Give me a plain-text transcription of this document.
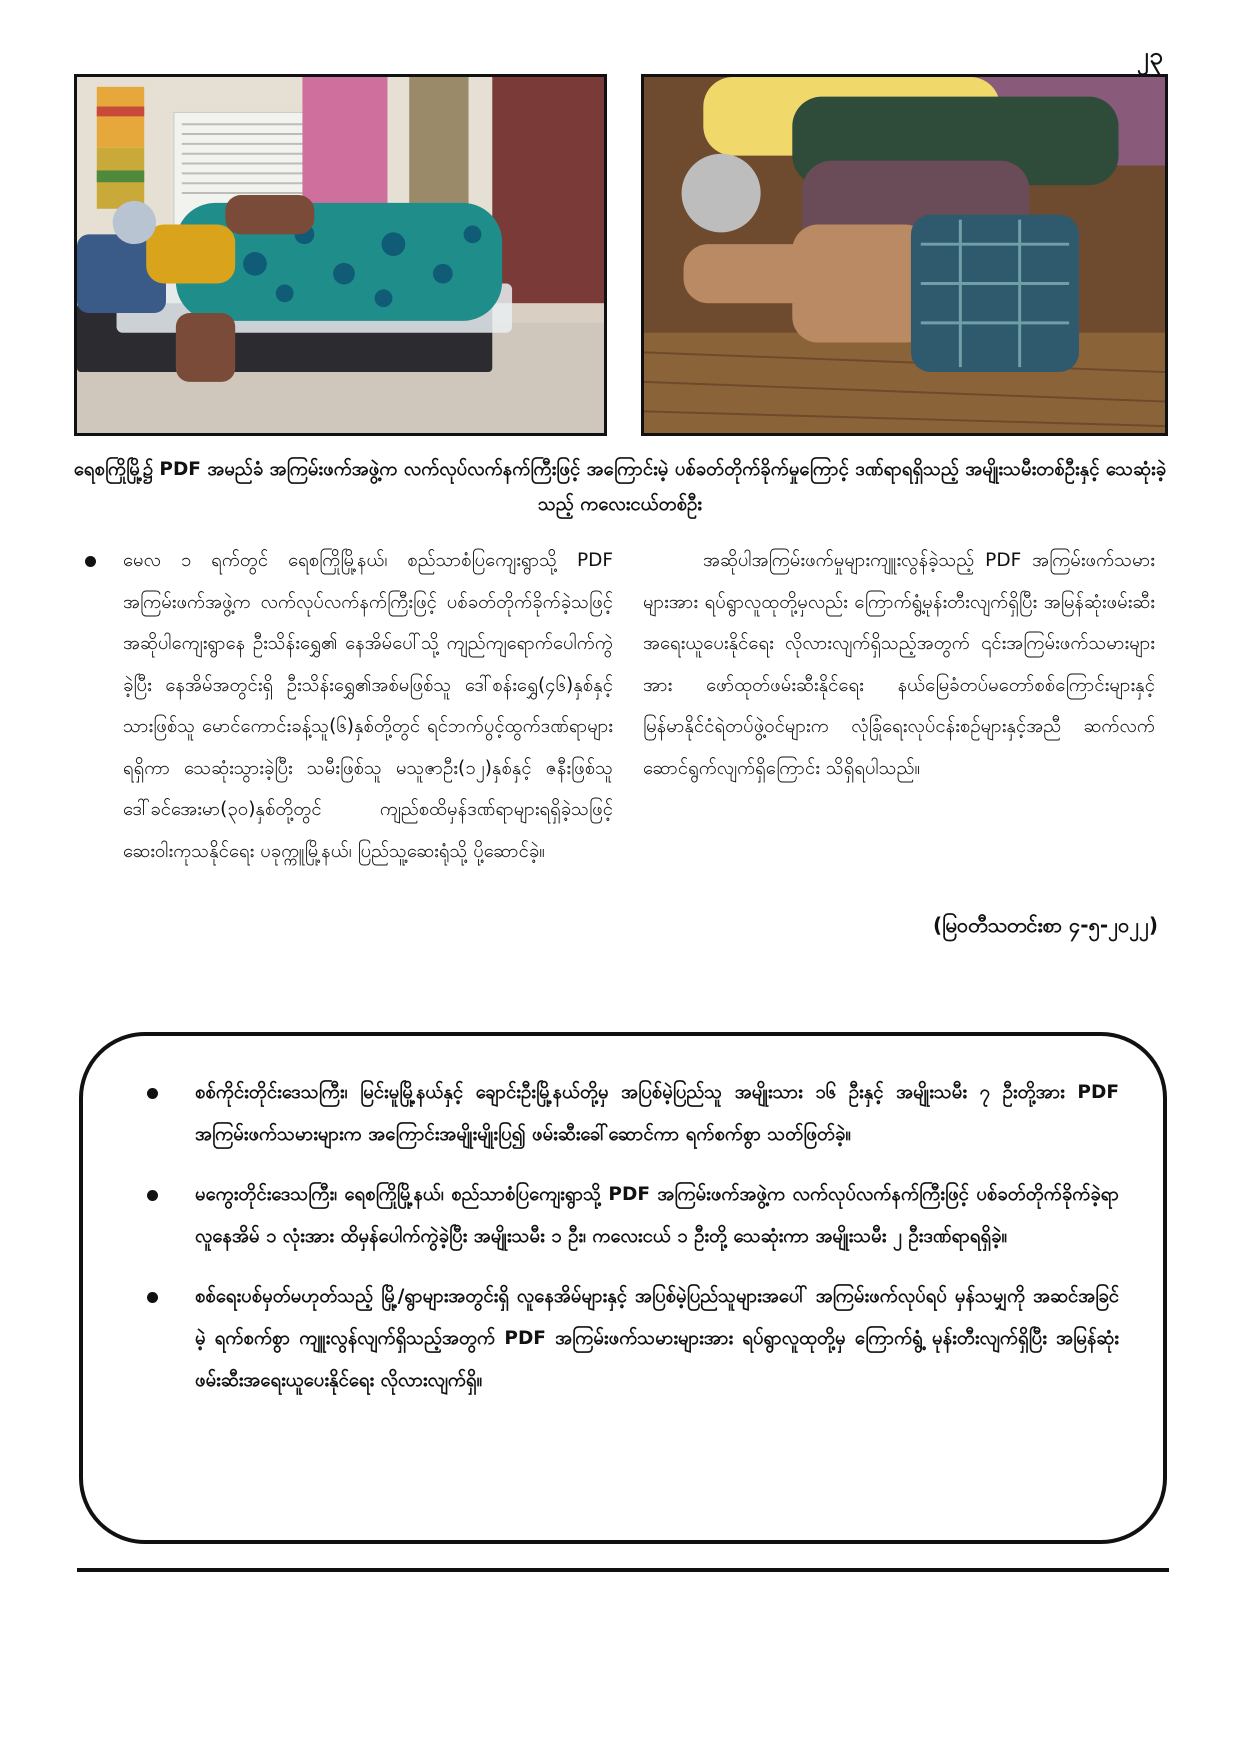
၂၃
ရေစကြိုမြို့၌ PDF အမည်ခံ အကြမ်းဖက်အဖွဲ့က လက်လုပ်လက်နက်ကြီးဖြင့် အကြောင်းမဲ့ ပစ်ခတ်တိုက်ခိုက်မှုကြောင့် ဒဏ်ရာရရှိသည့် အမျိုးသမီးတစ်ဦးနှင့် သေဆုံးခဲ့သည့် ကလေးငယ်တစ်ဦး

မေလ ၁ ရက်တွင် ရေစကြိုမြို့နယ်၊ စည်သာစံပြကျေးရွာသို့ PDF အကြမ်းဖက်အဖွဲ့က လက်လုပ်လက်နက်ကြီးဖြင့် ပစ်ခတ်တိုက်ခိုက်ခဲ့သဖြင့် အဆိုပါကျေးရွာနေ ဦးသိန်းရွှေ၏ နေအိမ်ပေါ်သို့ ကျည်ကျရောက်ပေါက်ကွဲခဲ့ပြီး နေအိမ်အတွင်းရှိ ဦးသိန်းရွှေ၏အစ်မဖြစ်သူ ဒေါ်စန်းရွှေ(၄၆)နှစ်နှင့် သားဖြစ်သူ မောင်ကောင်းခန့်သူ(၆)နှစ်တို့တွင် ရင်ဘက်ပွင့်ထွက်ဒဏ်ရာများရရှိကာ သေဆုံးသွားခဲ့ပြီး သမီးဖြစ်သူ မသူဇာဦး(၁၂)နှစ်နှင့် ဇနီးဖြစ်သူ ဒေါ်ခင်အေးမာ(၃၀)နှစ်တို့တွင် ကျည်စထိမှန်ဒဏ်ရာများရရှိခဲ့သဖြင့် ဆေးဝါးကုသနိုင်ရေး ပခုက္ကူမြို့နယ်၊ ပြည်သူ့ဆေးရုံသို့ ပို့ဆောင်ခဲ့။

အဆိုပါအကြမ်းဖက်မှုများကျူးလွန်ခဲ့သည့် PDF အကြမ်းဖက်သမားများအား ရပ်ရွာလူထုတို့မှလည်း ကြောက်ရွံ့မုန်းတီးလျက်ရှိပြီး အမြန်ဆုံးဖမ်းဆီးအရေးယူပေးနိုင်ရေး လိုလားလျက်ရှိသည့်အတွက် ၎င်းအကြမ်းဖက်သမားများအား ဖော်ထုတ်ဖမ်းဆီးနိုင်ရေး နယ်မြေခံတပ်မတော်စစ်ကြောင်းများနှင့် မြန်မာနိုင်ငံရဲတပ်ဖွဲ့ဝင်များက လုံခြုံရေးလုပ်ငန်းစဉ်များနှင့်အညီ ဆက်လက်ဆောင်ရွက်လျက်ရှိကြောင်း သိရှိရပါသည်။

(မြဝတီသတင်းစာ ၄-၅-၂၀၂၂)
စစ်ကိုင်းတိုင်းဒေသကြီး၊ မြင်းမူမြို့နယ်နှင့် ချောင်းဦးမြို့နယ်တို့မှ အပြစ်မဲ့ပြည်သူ အမျိုးသား ၁၆ ဦးနှင့် အမျိုးသမီး ၇ ဦးတို့အား PDF အကြမ်းဖက်သမားများက အကြောင်းအမျိုးမျိုးပြ၍ ဖမ်းဆီးခေါ်ဆောင်ကာ ရက်စက်စွာ သတ်ဖြတ်ခဲ့။
မကွေးတိုင်းဒေသကြီး၊ ရေစကြိုမြို့နယ်၊ စည်သာစံပြကျေးရွာသို့ PDF အကြမ်းဖက်အဖွဲ့က လက်လုပ်လက်နက်ကြီးဖြင့် ပစ်ခတ်တိုက်ခိုက်ခဲ့ရာ လူနေအိမ် ၁ လုံးအား ထိမှန်ပေါက်ကွဲခဲ့ပြီး အမျိုးသမီး ၁ ဦး၊ ကလေးငယ် ၁ ဦးတို့ သေဆုံးကာ အမျိုးသမီး ၂ ဦးဒဏ်ရာရရှိခဲ့။
စစ်ရေးပစ်မှတ်မဟုတ်သည့် မြို့/ရွာများအတွင်းရှိ လူနေအိမ်များနှင့် အပြစ်မဲ့ပြည်သူများအပေါ် အကြမ်းဖက်လုပ်ရပ် မှန်သမျှကို အဆင်အခြင်မဲ့ ရက်စက်စွာ ကျူးလွန်လျက်ရှိသည့်အတွက် PDF အကြမ်းဖက်သမားများအား ရပ်ရွာလူထုတို့မှ ကြောက်ရွံ့ မုန်းတီးလျက်ရှိပြီး အမြန်ဆုံးဖမ်းဆီးအရေးယူပေးနိုင်ရေး လိုလားလျက်ရှိ။
